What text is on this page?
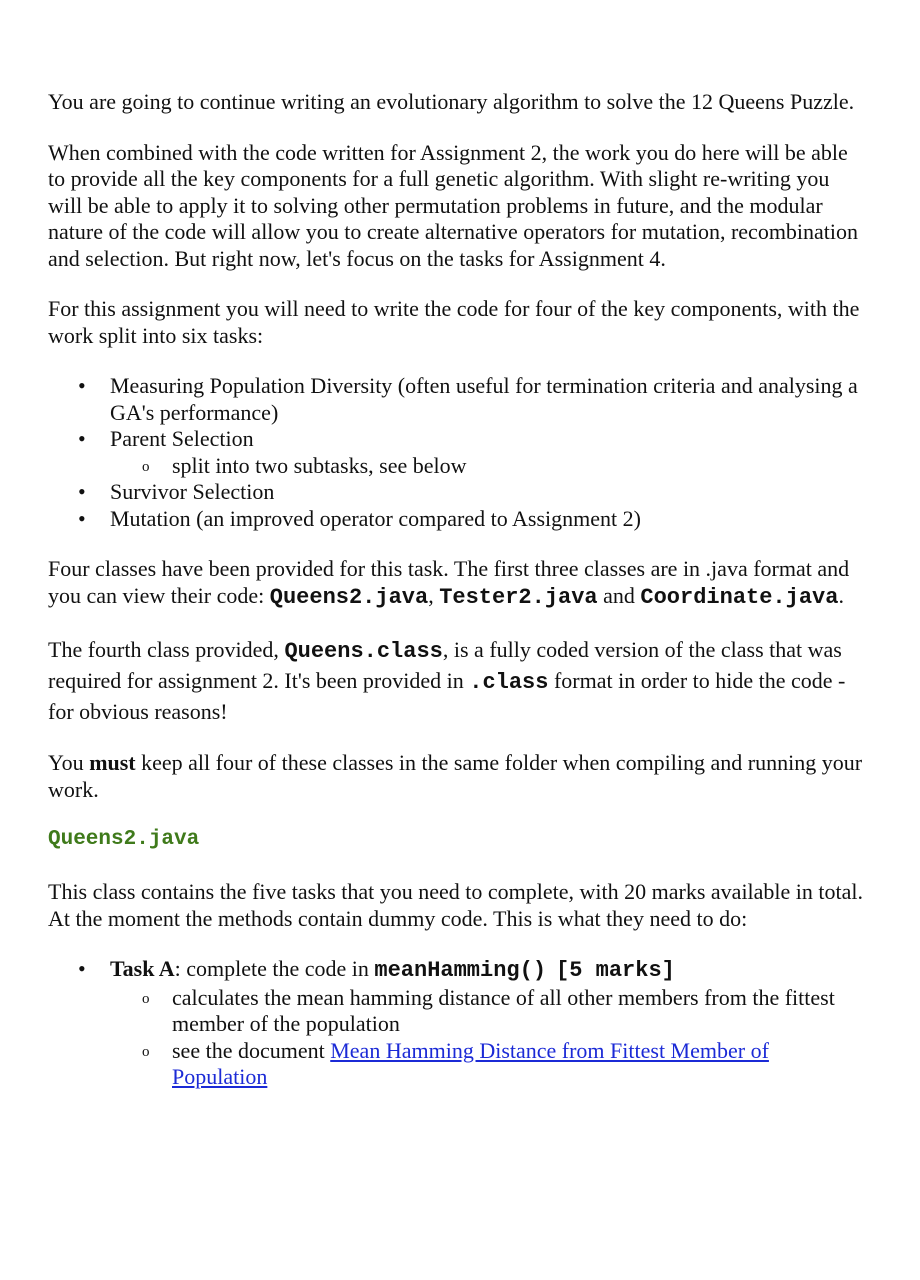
You are going to continue writing an evolutionary algorithm to solve the 12 Queens Puzzle.

When combined with the code written for Assignment 2, the work you do here will be able to provide all the key components for a full genetic algorithm. With slight re-writing you will be able to apply it to solving other permutation problems in future, and the modular nature of the code will allow you to create alternative operators for mutation, recombination and selection. But right now, let's focus on the tasks for Assignment 4.

For this assignment you will need to write the code for four of the key components, with the work split into six tasks:

• Measuring Population Diversity (often useful for termination criteria and analysing a GA's performance)
• Parent Selection
o split into two subtasks, see below
• Survivor Selection
• Mutation (an improved operator compared to Assignment 2)

Four classes have been provided for this task. The first three classes are in .java format and you can view their code: Queens2.java, Tester2.java and Coordinate.java.

The fourth class provided, Queens.class, is a fully coded version of the class that was required for assignment 2. It's been provided in .class format in order to hide the code - for obvious reasons!

You must keep all four of these classes in the same folder when compiling and running your work.

Queens2.java

This class contains the five tasks that you need to complete, with 20 marks available in total. At the moment the methods contain dummy code. This is what they need to do:

• Task A: complete the code in meanHamming() [5 marks]
o calculates the mean hamming distance of all other members from the fittest member of the population
o see the document Mean Hamming Distance from Fittest Member of Population
